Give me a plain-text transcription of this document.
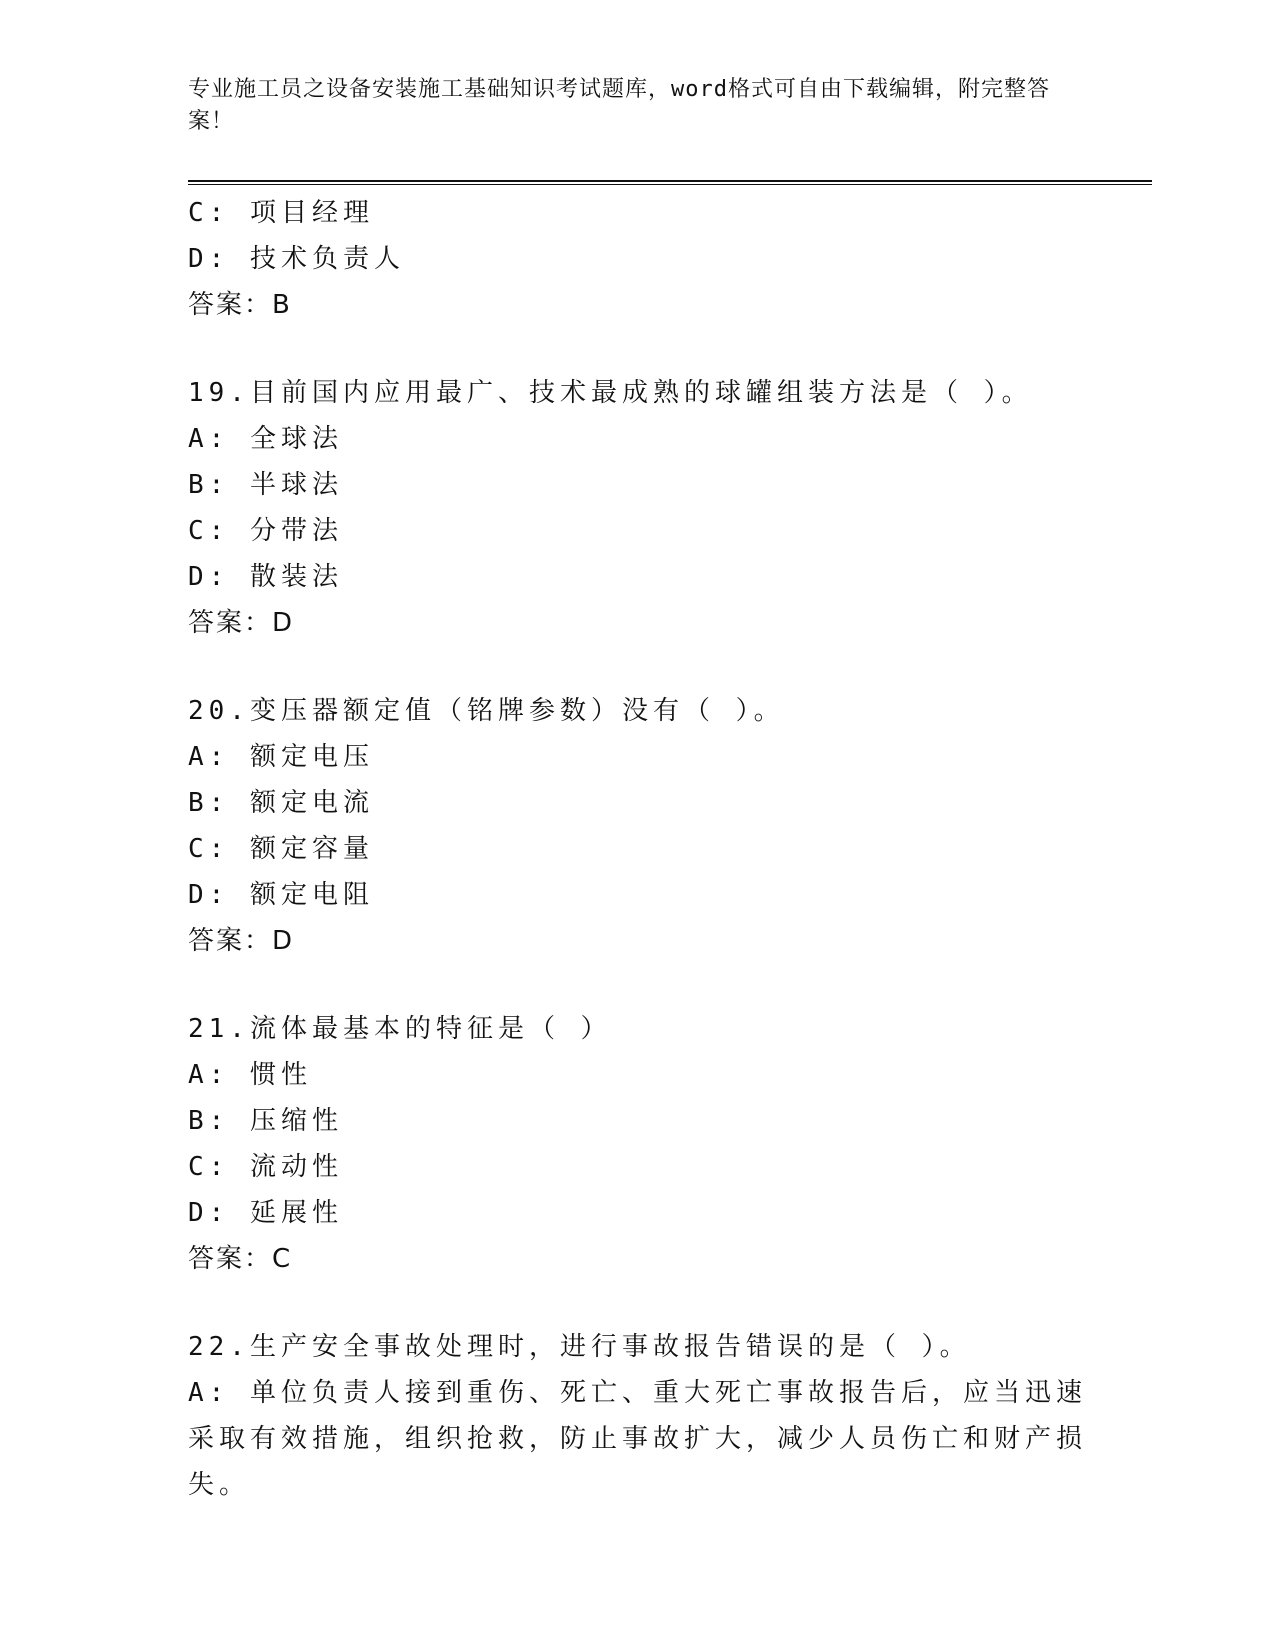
专业施工员之设备安装施工基础知识考试题库，word格式可自由下载编辑，附完整答案！
C: 项目经理
D: 技术负责人
答案：B
19.目前国内应用最广、技术最成熟的球罐组装方法是（ ）。
A: 全球法
B: 半球法
C: 分带法
D: 散装法
答案：D
20.变压器额定值（铭牌参数）没有（ ）。
A: 额定电压
B: 额定电流
C: 额定容量
D: 额定电阻
答案：D
21.流体最基本的特征是（ ）
A: 惯性
B: 压缩性
C: 流动性
D: 延展性
答案：C
22.生产安全事故处理时，进行事故报告错误的是（ ）。
A: 单位负责人接到重伤、死亡、重大死亡事故报告后，应当迅速采取有效措施，组织抢救，防止事故扩大，减少人员伤亡和财产损失。
